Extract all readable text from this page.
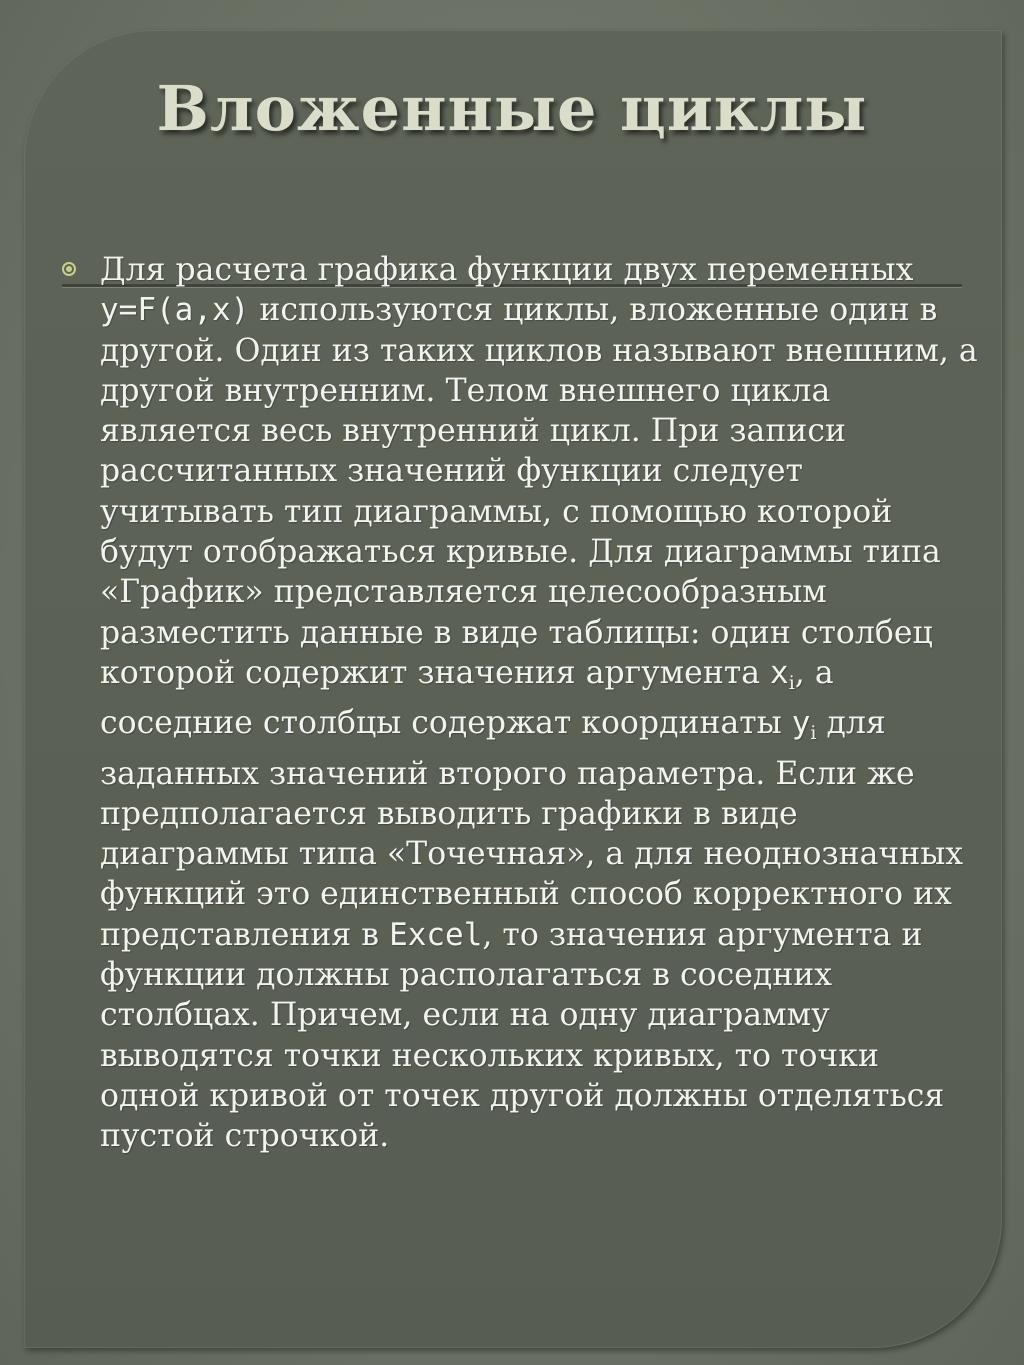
Вложенные циклы

Для расчета графика функции двух переменных y=F(a,x) используются циклы, вложенные один в другой. Один из таких циклов называют внешним, а другой внутренним. Телом внешнего цикла является весь внутренний цикл. При записи рассчитанных значений функции следует учитывать тип диаграммы, с помощью которой будут отображаться кривые. Для диаграммы типа «График» представляется целесообразным разместить данные в виде таблицы: один столбец которой содержит значения аргумента $x_i$, а соседние столбцы содержат координаты $y_i$ для заданных значений второго параметра. Если же предполагается выводить графики в виде диаграммы типа «Точечная», а для неоднозначных функций это единственный способ корректного их представления в Excel, то значения аргумента и функции должны располагаться в соседних столбцах. Причем, если на одну диаграмму выводятся точки нескольких кривых, то точки одной кривой от точек другой должны отделяться пустой строчкой.
